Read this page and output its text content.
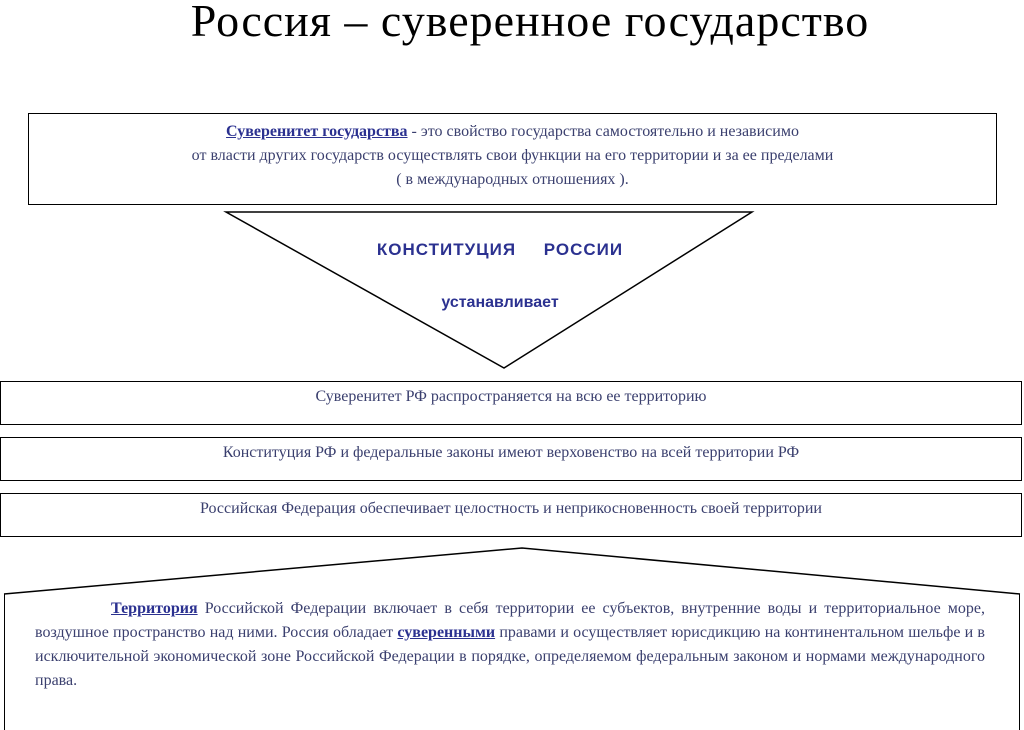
Россия – суверенное государство
Суверенитет государства - это свойство государства самостоятельно и независимо
от власти других государств осуществлять свои функции на его территории и за ее пределами
( в международных отношениях ).
КОНСТИТУЦИЯ РОССИИ
устанавливает
Суверенитет РФ распространяется на всю ее территорию
Конституция РФ и федеральные законы имеют верховенство на всей территории РФ
Российская Федерация обеспечивает целостность и неприкосновенность своей территории
Территория Российской Федерации включает в себя территории ее субъектов, внутренние воды и территориальное море, воздушное пространство над ними. Россия обладает суверенными правами и осуществляет юрисдикцию на континентальном шельфе и в исключительной экономической зоне Российской Федерации в порядке, определяемом федеральным законом и нормами международного права.
